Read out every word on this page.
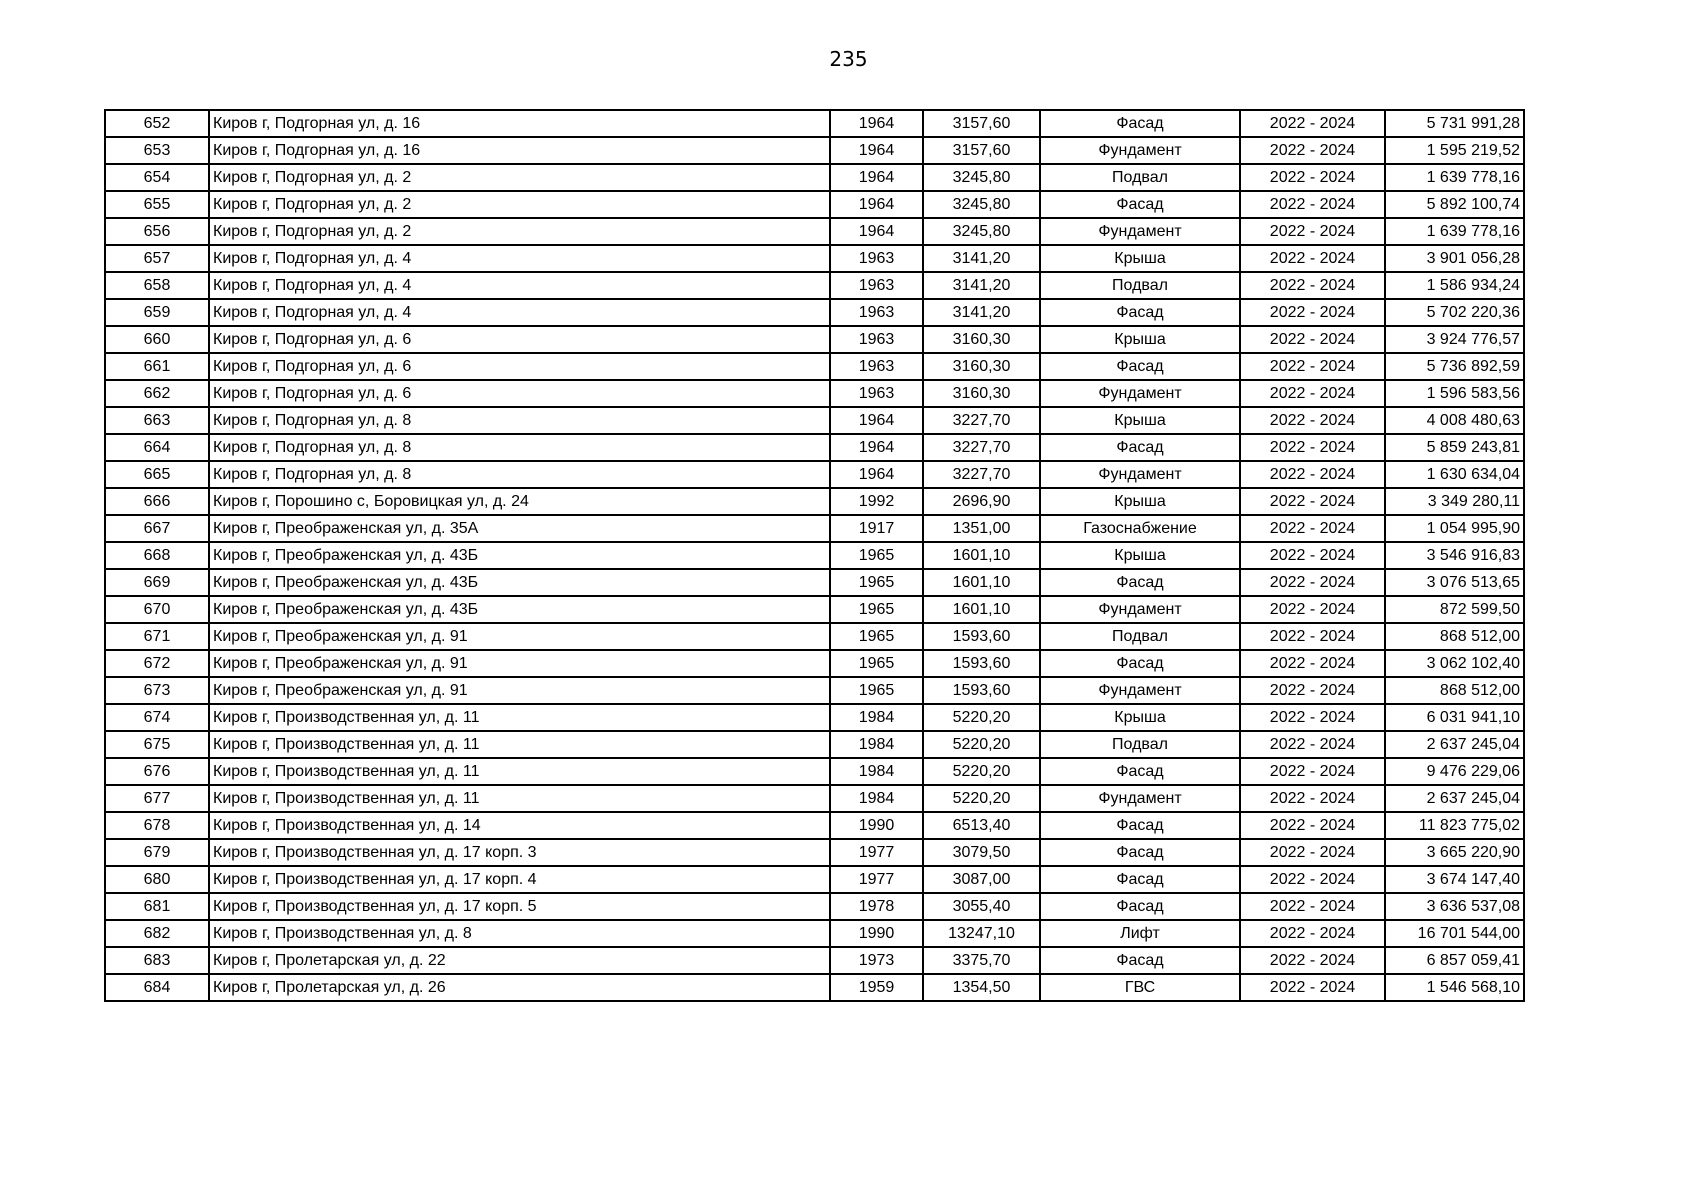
235
652	Киров г, Подгорная ул, д. 16	1964	3157,60	Фасад	2022 - 2024	5 731 991,28
653	Киров г, Подгорная ул, д. 16	1964	3157,60	Фундамент	2022 - 2024	1 595 219,52
654	Киров г, Подгорная ул, д. 2	1964	3245,80	Подвал	2022 - 2024	1 639 778,16
655	Киров г, Подгорная ул, д. 2	1964	3245,80	Фасад	2022 - 2024	5 892 100,74
656	Киров г, Подгорная ул, д. 2	1964	3245,80	Фундамент	2022 - 2024	1 639 778,16
657	Киров г, Подгорная ул, д. 4	1963	3141,20	Крыша	2022 - 2024	3 901 056,28
658	Киров г, Подгорная ул, д. 4	1963	3141,20	Подвал	2022 - 2024	1 586 934,24
659	Киров г, Подгорная ул, д. 4	1963	3141,20	Фасад	2022 - 2024	5 702 220,36
660	Киров г, Подгорная ул, д. 6	1963	3160,30	Крыша	2022 - 2024	3 924 776,57
661	Киров г, Подгорная ул, д. 6	1963	3160,30	Фасад	2022 - 2024	5 736 892,59
662	Киров г, Подгорная ул, д. 6	1963	3160,30	Фундамент	2022 - 2024	1 596 583,56
663	Киров г, Подгорная ул, д. 8	1964	3227,70	Крыша	2022 - 2024	4 008 480,63
664	Киров г, Подгорная ул, д. 8	1964	3227,70	Фасад	2022 - 2024	5 859 243,81
665	Киров г, Подгорная ул, д. 8	1964	3227,70	Фундамент	2022 - 2024	1 630 634,04
666	Киров г, Порошино с, Боровицкая ул, д. 24	1992	2696,90	Крыша	2022 - 2024	3 349 280,11
667	Киров г, Преображенская ул, д. 35А	1917	1351,00	Газоснабжение	2022 - 2024	1 054 995,90
668	Киров г, Преображенская ул, д. 43Б	1965	1601,10	Крыша	2022 - 2024	3 546 916,83
669	Киров г, Преображенская ул, д. 43Б	1965	1601,10	Фасад	2022 - 2024	3 076 513,65
670	Киров г, Преображенская ул, д. 43Б	1965	1601,10	Фундамент	2022 - 2024	872 599,50
671	Киров г, Преображенская ул, д. 91	1965	1593,60	Подвал	2022 - 2024	868 512,00
672	Киров г, Преображенская ул, д. 91	1965	1593,60	Фасад	2022 - 2024	3 062 102,40
673	Киров г, Преображенская ул, д. 91	1965	1593,60	Фундамент	2022 - 2024	868 512,00
674	Киров г, Производственная ул, д. 11	1984	5220,20	Крыша	2022 - 2024	6 031 941,10
675	Киров г, Производственная ул, д. 11	1984	5220,20	Подвал	2022 - 2024	2 637 245,04
676	Киров г, Производственная ул, д. 11	1984	5220,20	Фасад	2022 - 2024	9 476 229,06
677	Киров г, Производственная ул, д. 11	1984	5220,20	Фундамент	2022 - 2024	2 637 245,04
678	Киров г, Производственная ул, д. 14	1990	6513,40	Фасад	2022 - 2024	11 823 775,02
679	Киров г, Производственная ул, д. 17 корп. 3	1977	3079,50	Фасад	2022 - 2024	3 665 220,90
680	Киров г, Производственная ул, д. 17 корп. 4	1977	3087,00	Фасад	2022 - 2024	3 674 147,40
681	Киров г, Производственная ул, д. 17 корп. 5	1978	3055,40	Фасад	2022 - 2024	3 636 537,08
682	Киров г, Производственная ул, д. 8	1990	13247,10	Лифт	2022 - 2024	16 701 544,00
683	Киров г, Пролетарская ул, д. 22	1973	3375,70	Фасад	2022 - 2024	6 857 059,41
684	Киров г, Пролетарская ул, д. 26	1959	1354,50	ГВС	2022 - 2024	1 546 568,10
